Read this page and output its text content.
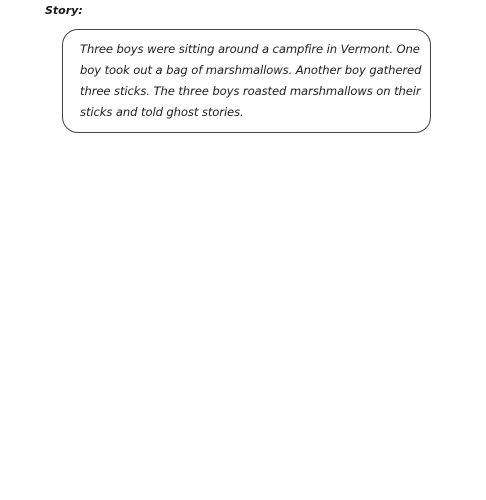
Story:
Three boys were sitting around a campfire in Vermont. One
boy took out a bag of marshmallows. Another boy gathered
three sticks. The three boys roasted marshmallows on their
sticks and told ghost stories.
